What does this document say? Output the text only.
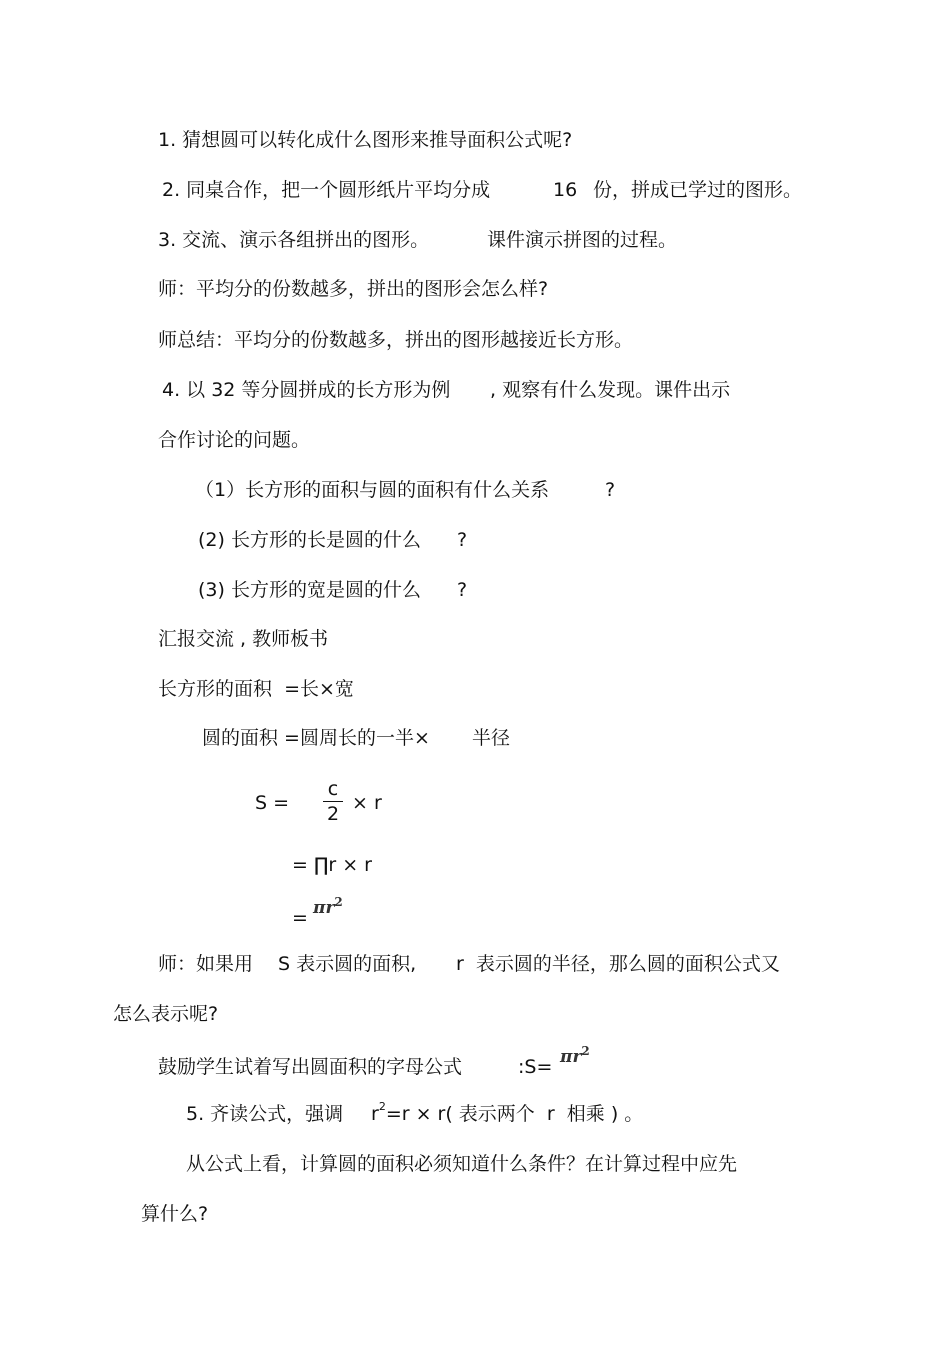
1. 猜想圆可以转化成什么图形来推导面积公式呢?
2. 同桌合作，把一个圆形纸片平均分成	16 份，拼成已学过的图形。
3. 交流、演示各组拼出的图形。	课件演示拼图的过程。
师：平均分的份数越多，拼出的图形会怎么样?
师总结：平均分的份数越多，拼出的图形越接近长方形。
4. 以 32 等分圆拼成的长方形为例 , 观察有什么发现。课件出示
合作讨论的问题。
（1）长方形的面积与圆的面积有什么关系	?
(2) 长方形的长是圆的什么 ?
(3) 长方形的宽是圆的什么 ?
汇报交流 , 教师板书
长方形的面积  =长×宽
圆的面积 =圆周长的一半× 半径
S =
c
2 × r
= ∏r × r
= $\pi r^2$
师：如果用 S 表示圆的面积, r  表示圆的半径，那么圆的面积公式又
怎么表示呢?
鼓励学生试着写出圆面积的字母公式	:S= $\pi r^2$
5. 齐读公式，强调 $r^2=r \times r$( 表示两个  r  相乘 ) 。
从公式上看，计算圆的面积必须知道什么条件？在计算过程中应先
算什么?
